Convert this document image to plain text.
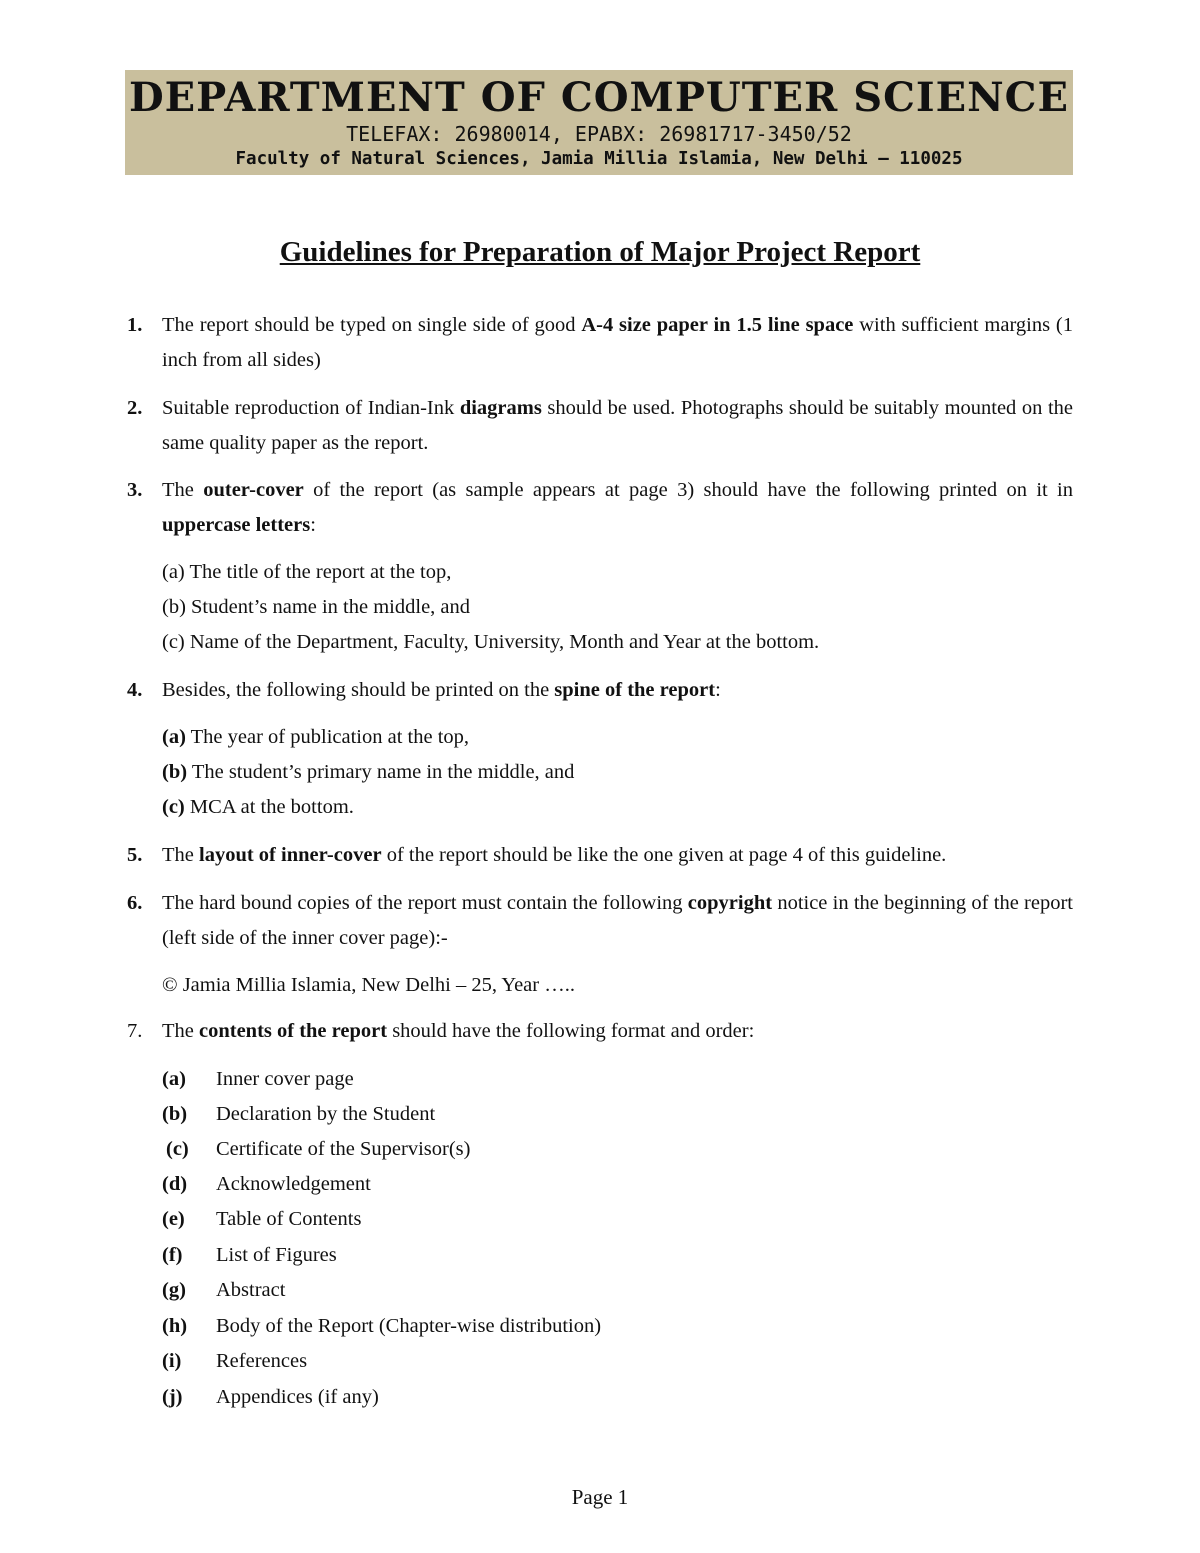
DEPARTMENT OF COMPUTER SCIENCE
TELEFAX: 26980014, EPABX: 26981717-3450/52
Faculty of Natural Sciences, Jamia Millia Islamia, New Delhi – 110025
Guidelines for Preparation of Major Project Report
1. The report should be typed on single side of good A-4 size paper in 1.5 line space with sufficient margins (1 inch from all sides)
2. Suitable reproduction of Indian-Ink diagrams should be used. Photographs should be suitably mounted on the same quality paper as the report.
3. The outer-cover of the report (as sample appears at page 3) should have the following printed on it in uppercase letters:
(a) The title of the report at the top,
(b) Student’s name in the middle, and
(c) Name of the Department, Faculty, University, Month and Year at the bottom.
4. Besides, the following should be printed on the spine of the report:
(a) The year of publication at the top,
(b) The student’s primary name in the middle, and
(c) MCA at the bottom.
5. The layout of inner-cover of the report should be like the one given at page 4 of this guideline.
6. The hard bound copies of the report must contain the following copyright notice in the beginning of the report (left side of the inner cover page):-
© Jamia Millia Islamia, New Delhi – 25, Year …..
7. The contents of the report should have the following format and order:
(a) Inner cover page
(b) Declaration by the Student
(c) Certificate of the Supervisor(s)
(d) Acknowledgement
(e) Table of Contents
(f) List of Figures
(g) Abstract
(h) Body of the Report (Chapter-wise distribution)
(i) References
(j) Appendices (if any)
Page 1
